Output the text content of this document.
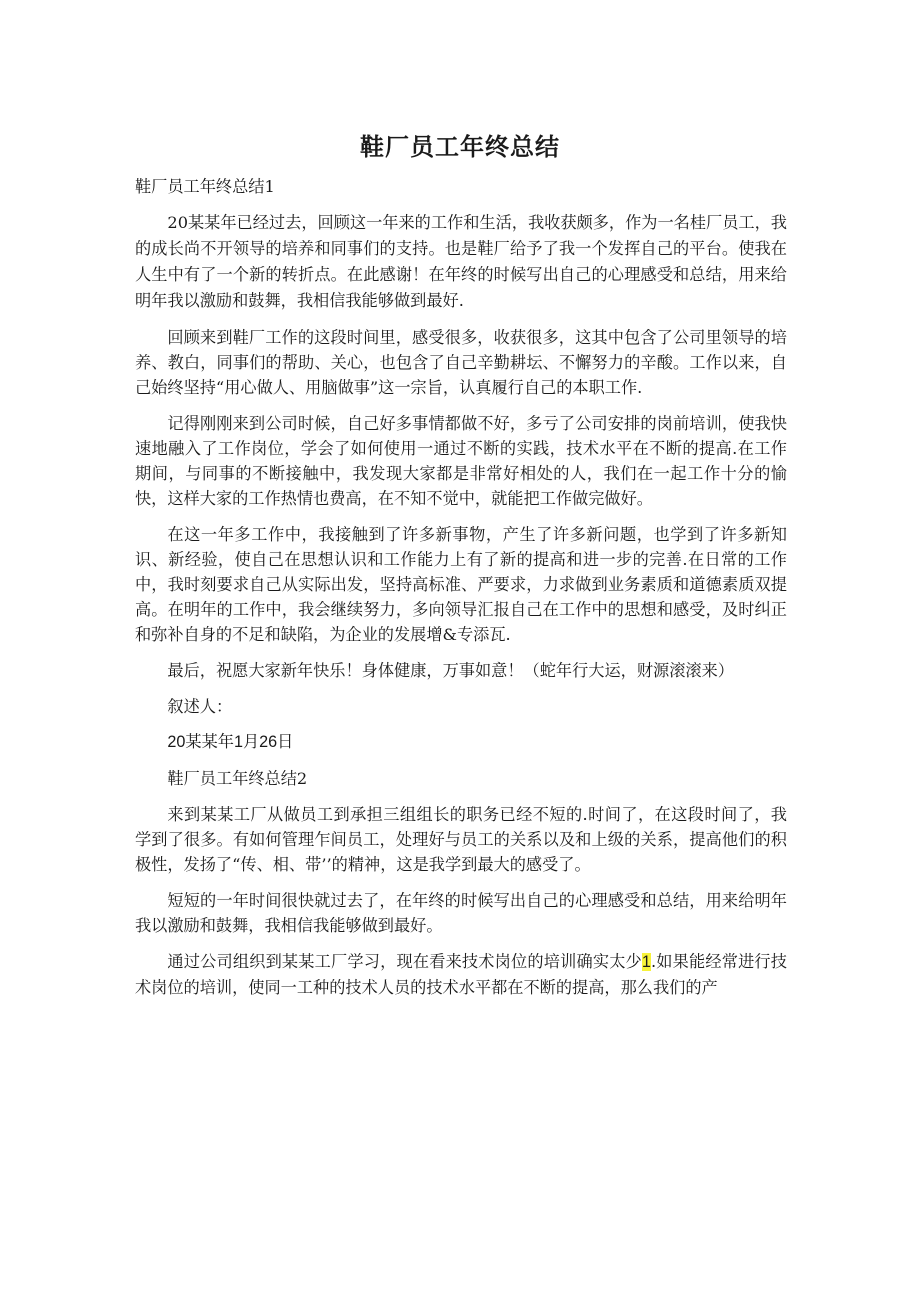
鞋厂员工年终总结

鞋厂员工年终总结1

20某某年已经过去，回顾这一年来的工作和生活，我收获颇多，作为一名桂厂员工，我的成长尚不开领导的培养和同事们的支持。也是鞋厂给予了我一个发挥自己的平台。使我在人生中有了一个新的转折点。在此感谢！在年终的时候写出自己的心理感受和总结，用来给明年我以激励和鼓舞，我相信我能够做到最好.

回顾来到鞋厂工作的这段时间里，感受很多，收获很多，这其中包含了公司里领导的培养、教白，同事们的帮助、关心，也包含了自己辛勤耕坛、不懈努力的辛酸。工作以来，自己始终坚持“用心做人、用脑做事”这一宗旨，认真履行自己的本职工作.

记得刚刚来到公司时候，自己好多事情都做不好，多亏了公司安排的岗前培训，使我快速地融入了工作岗位，学会了如何使用一通过不断的实践，技术水平在不断的提高.在工作期间，与同事的不断接触中，我发现大家都是非常好相处的人，我们在一起工作十分的愉快，这样大家的工作热情也费高，在不知不觉中，就能把工作做完做好。

在这一年多工作中，我接触到了许多新事物，产生了许多新问题，也学到了许多新知识、新经验，使自己在思想认识和工作能力上有了新的提高和进一步的完善.在日常的工作中，我时刻要求自己从实际出发，坚持高标准、严要求，力求做到业务素质和道德素质双提高。在明年的工作中，我会继续努力，多向领导汇报自己在工作中的思想和感受，及时纠正和弥补自身的不足和缺陷，为企业的发展增&专添瓦.

最后，祝愿大家新年快乐！身体健康，万事如意！（蛇年行大运，财源滚滚来）

叙述人：

20某某年1月26日

鞋厂员工年终总结2

来到某某工厂从做员工到承担三组组长的职务已经不短的.时间了，在这段时间了，我学到了很多。有如何管理乍间员工，处理好与员工的关系以及和上级的关系，提高他们的积极性，发扬了“传、相、带’’的精神，这是我学到最大的感受了。

短短的一年时间很快就过去了，在年终的时候写出自己的心理感受和总结，用来给明年我以激励和鼓舞，我相信我能够做到最好。

通过公司组织到某某工厂学习，现在看来技术岗位的培训确实太少1.如果能经常进行技术岗位的培训，使同一工种的技术人员的技术水平都在不断的提高，那么我们的产
